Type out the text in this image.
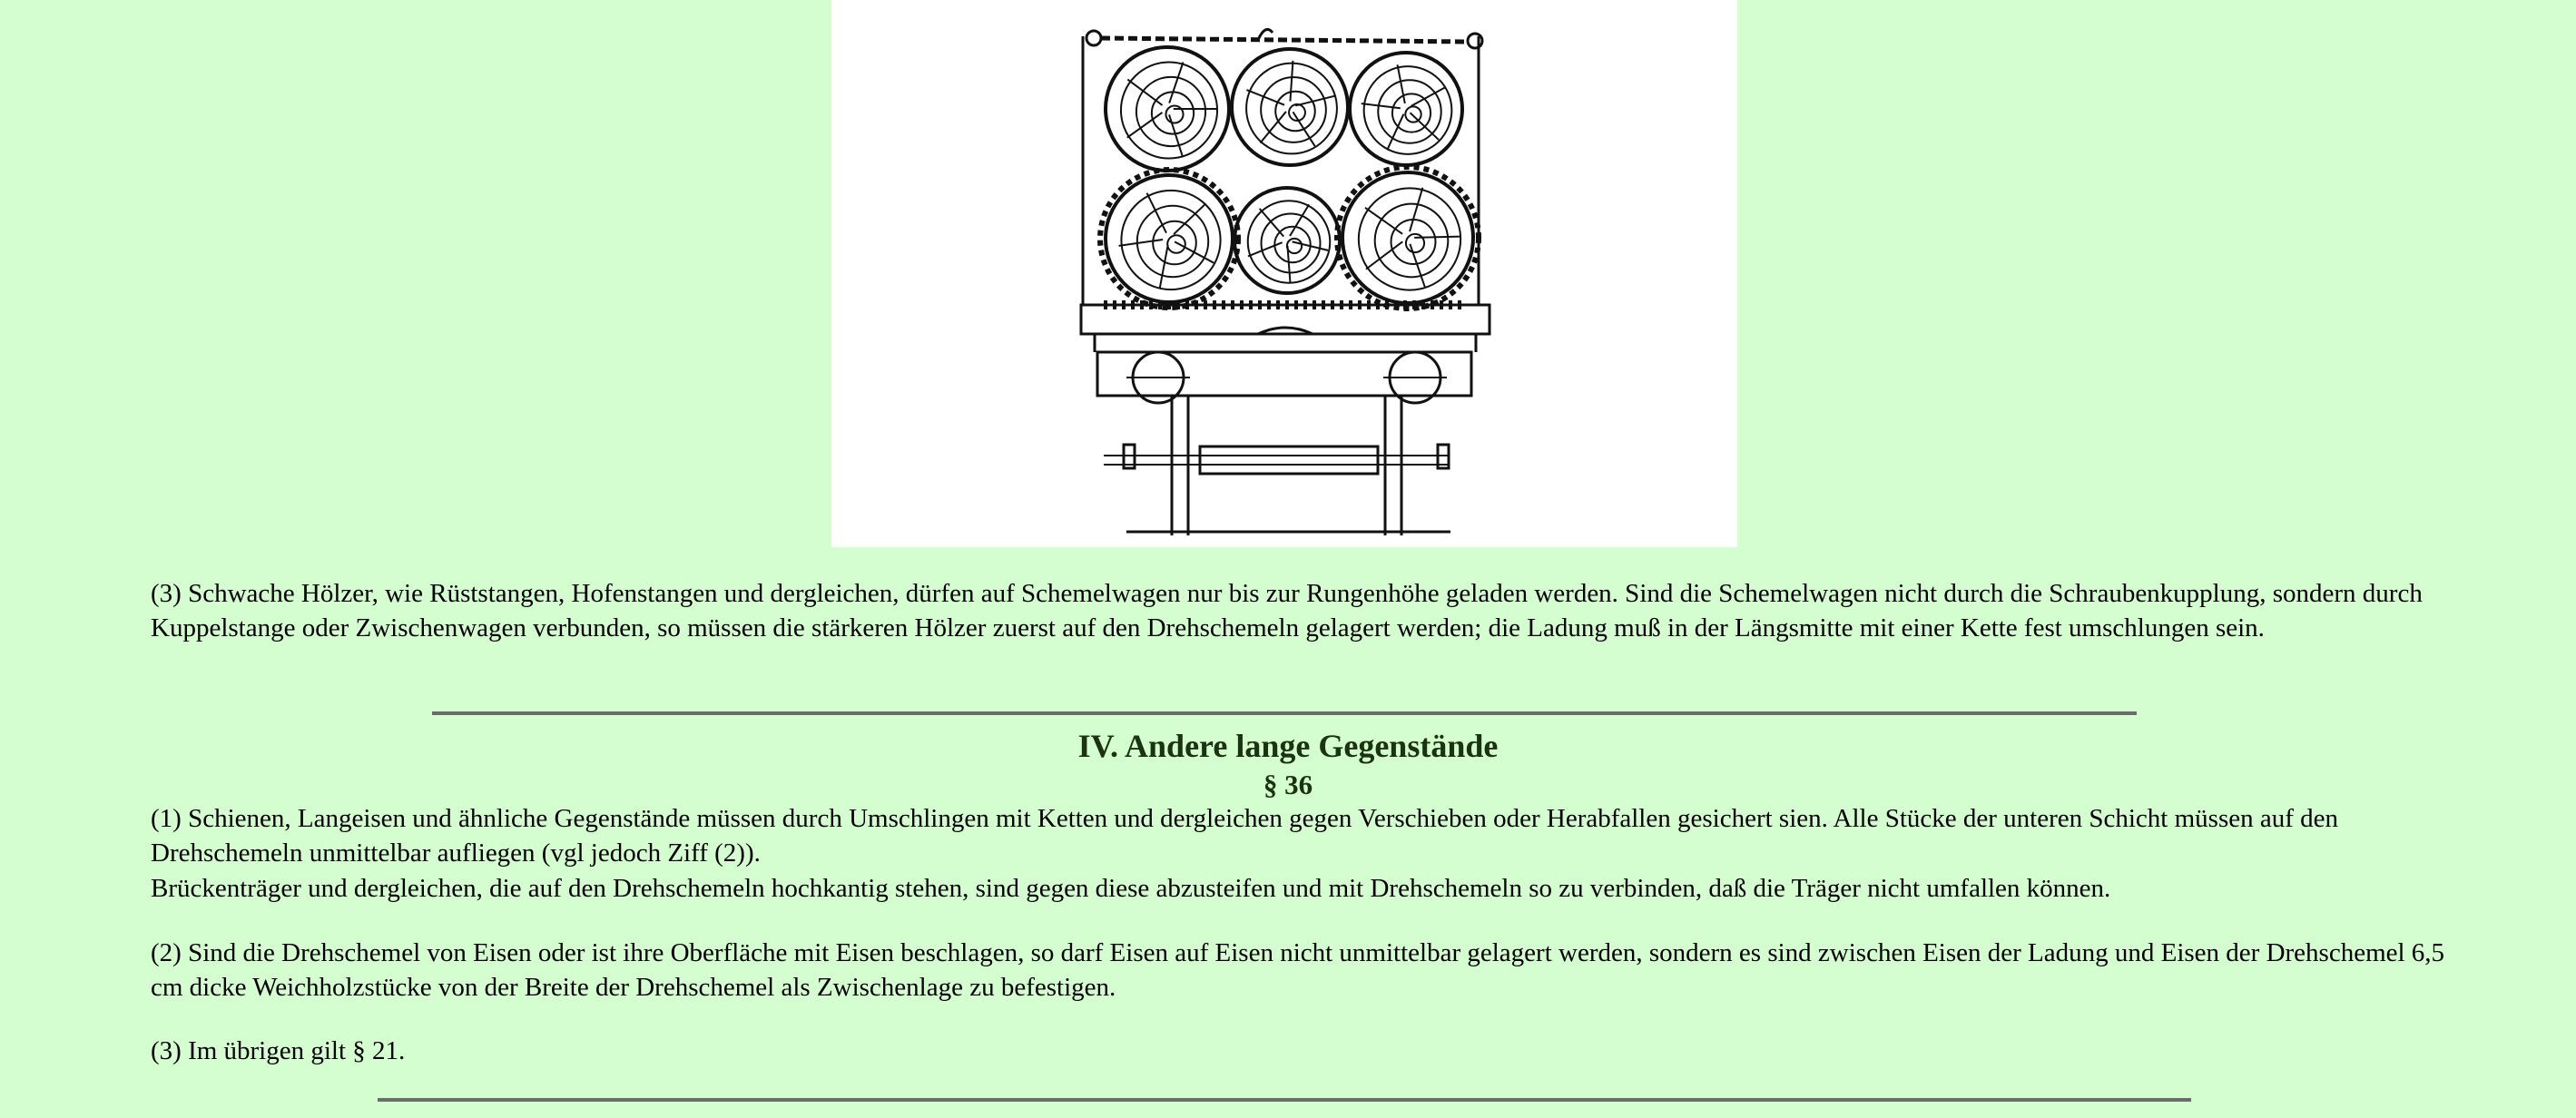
(3) Schwache Hölzer, wie Rüststangen, Hofenstangen und dergleichen, dürfen auf Schemelwagen nur bis zur Rungenhöhe geladen werden. Sind die Schemelwagen nicht durch die Schraubenkupplung, sondern durch Kuppelstange oder Zwischenwagen verbunden, so müssen die stärkeren Hölzer zuerst auf den Drehschemeln gelagert werden; die Ladung muß in der Längsmitte mit einer Kette fest umschlungen sein.

IV. Andere lange Gegenstände
§ 36

(1) Schienen, Langeisen und ähnliche Gegenstände müssen durch Umschlingen mit Ketten und dergleichen gegen Verschieben oder Herabfallen gesichert sien. Alle Stücke der unteren Schicht müssen auf den Drehschemeln unmittelbar aufliegen (vgl jedoch Ziff (2)).

Brückenträger und dergleichen, die auf den Drehschemeln hochkantig stehen, sind gegen diese abzusteifen und mit Drehschemeln so zu verbinden, daß die Träger nicht umfallen können.

(2) Sind die Drehschemel von Eisen oder ist ihre Oberfläche mit Eisen beschlagen, so darf Eisen auf Eisen nicht unmittelbar gelagert werden, sondern es sind zwischen Eisen der Ladung und Eisen der Drehschemel 6,5 cm dicke Weichholzstücke von der Breite der Drehschemel als Zwischenlage zu befestigen.

(3) Im übrigen gilt § 21.
